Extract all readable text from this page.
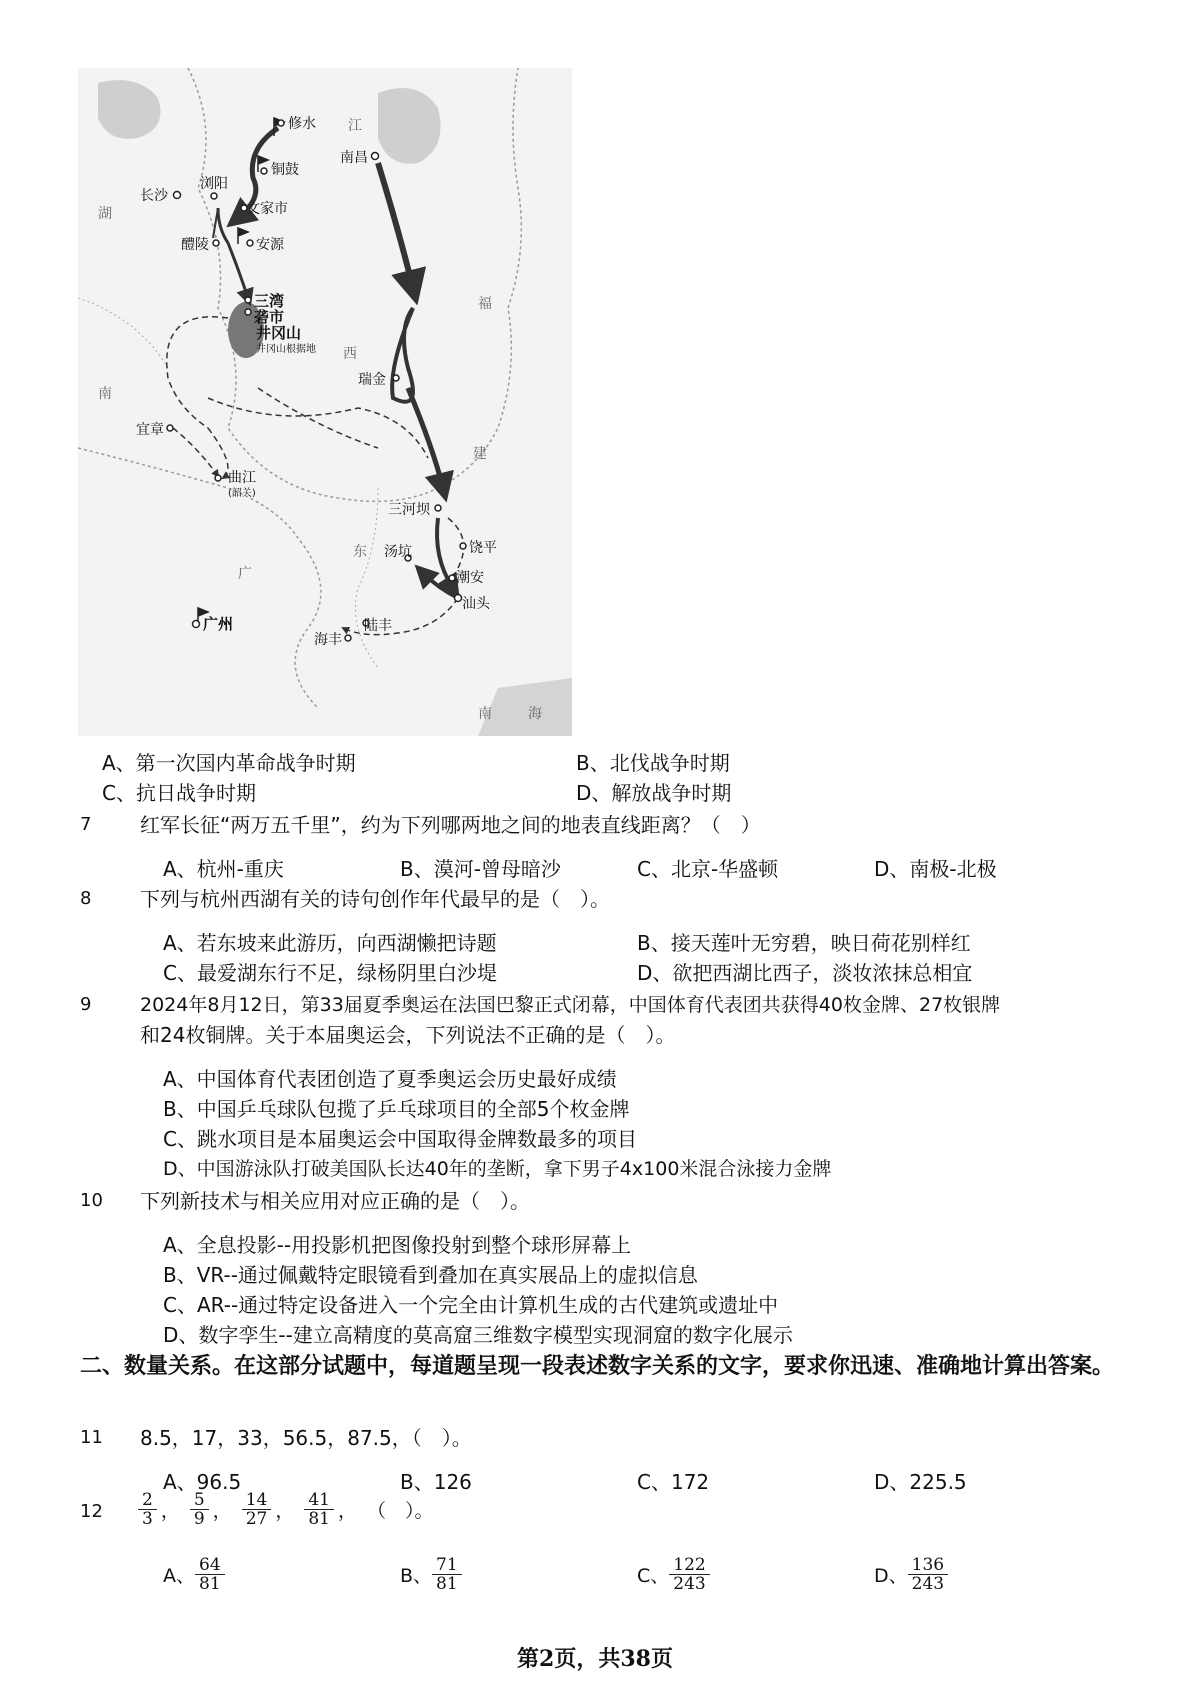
修水
铜鼓
长沙
浏阳
文家市
醴陵	安源
三湾
砻市
井冈山
井冈山根据地
南昌
瑞金
宜章
曲江
(韶关)
三河坝
饶平
汤坑
潮安
汕头
广州
海丰
陆丰
江
西
湖
南
福
建
广
东
南	海
A、第一次国内革命战争时期	B、北伐战争时期
C、抗日战争时期	D、解放战争时期
7 红军长征“两万五千里”，约为下列哪两地之间的地表直线距离？（　）
A、杭州-重庆	B、漠河-曾母暗沙	C、北京-华盛顿	D、南极-北极
8 下列与杭州西湖有关的诗句创作年代最早的是（　）。
A、若东坡来此游历，向西湖懒把诗题	B、接天莲叶无穷碧，映日荷花别样红
C、最爱湖东行不足，绿杨阴里白沙堤	D、欲把西湖比西子，淡妆浓抹总相宜
9	2024年8月12日，第33届夏季奥运在法国巴黎正式闭幕，中国体育代表团共获得40枚金牌、27枚银牌
和24枚铜牌。关于本届奥运会，下列说法不正确的是（　）。
A、中国体育代表团创造了夏季奥运会历史最好成绩
B、中国乒乓球队包揽了乒乓球项目的全部5个枚金牌
C、跳水项目是本届奥运会中国取得金牌数最多的项目
D、中国游泳队打破美国队长达40年的垄断，拿下男子4x100米混合泳接力金牌
10 下列新技术与相关应用对应正确的是（　）。
A、全息投影--用投影机把图像投射到整个球形屏幕上
B、VR--通过佩戴特定眼镜看到叠加在真实展品上的虚拟信息
C、AR--通过特定设备进入一个完全由计算机生成的古代建筑或遗址中
D、数字孪生--建立高精度的莫高窟三维数字模型实现洞窟的数字化展示
二、数量关系。在这部分试题中，每道题呈现一段表述数字关系的文字，要求你迅速、准确地计算出答案。
11 8.5，17，33，56.5，87.5，（　）。
A、96.5	B、126	C、172	D、225.5
$12 \frac{2}{3}$ ， $\frac{5}{9}$ ， $\frac{14}{27}$ ， $\frac{41}{81}$ ， （　）。
A、 $\frac{64}{81}$	B、 $\frac{71}{81}$	C、 $\frac{122}{243}$	D、 $\frac{136}{243}$
第2页，共38页
